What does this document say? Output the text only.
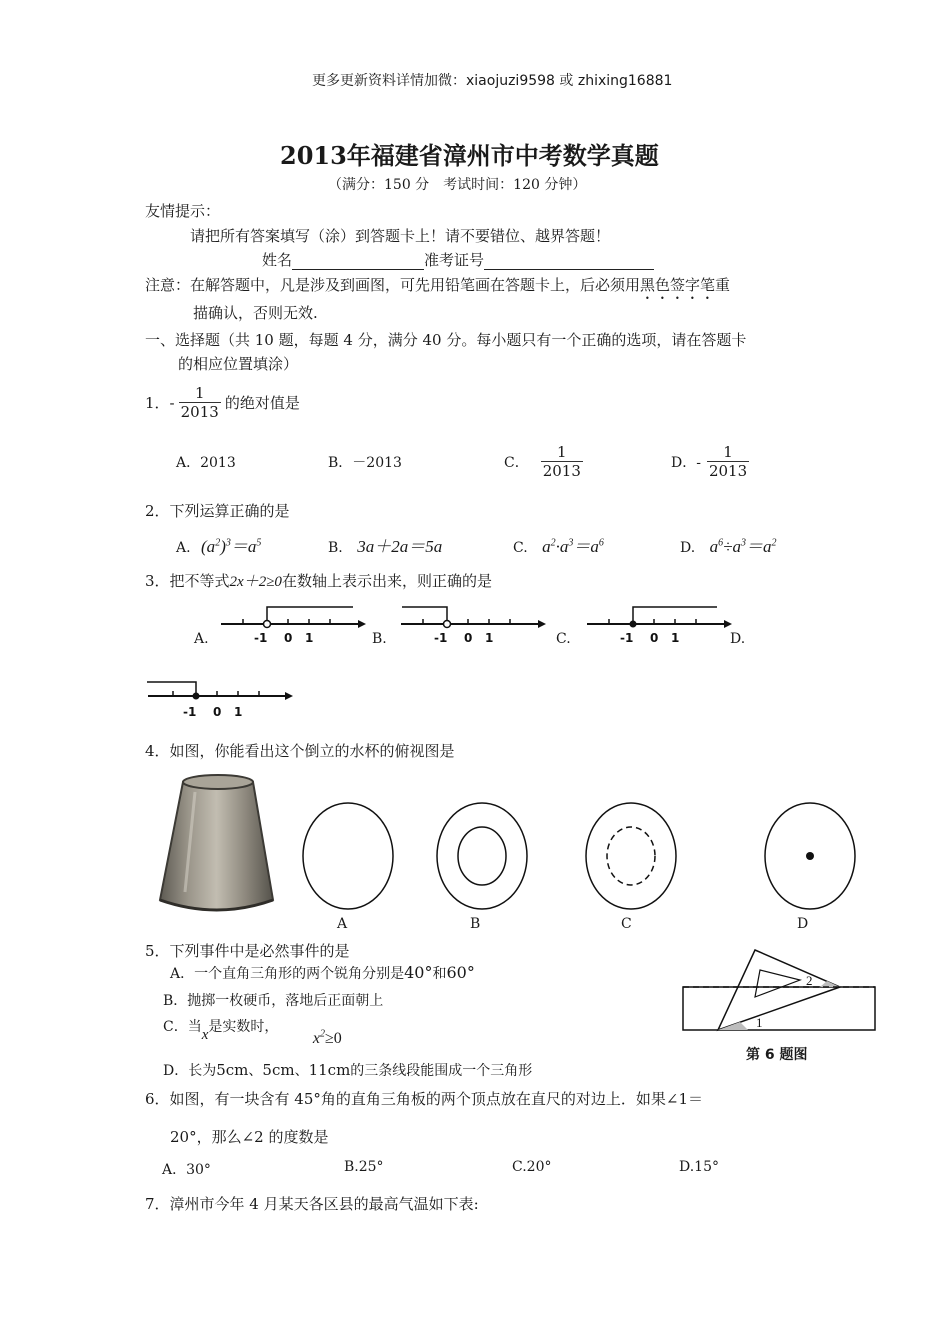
更多更新资料详情加微：xiaojuzi9598 或 zhixing16881
2013年福建省漳州市中考数学真题
（满分：150 分　考试时间：120 分钟）
友情提示：
请把所有答案填写（涂）到答题卡上！请不要错位、越界答题！
姓名	准考证号
注意：在解答题中，凡是涉及到画图，可先用铅笔画在答题卡上，后必须用黑色签字笔重
描确认，否则无效.
一、选择题（共 10 题，每题 4 分，满分 40 分。每小题只有一个正确的选项，请在答题卡
的相应位置填涂）
1．- $\frac{1}{2013}$ 的绝对值是
A．2013	B．－2013	C． $\frac{1}{2013}$	D．- $\frac{1}{2013}$
2．下列运算正确的是
A. $(a^2)^3=a^5$	B. 3a＋2a＝5a	C. $a^2\cdot a^3=a^6$	D. $a^6\div a^3=a^2$
3．把不等式2x＋2≥0在数轴上表示出来，则正确的是
A.	B.	C.	D.
-1 0 1	-1 0 1	-1 0 1
-1 0 1
4．如图，你能看出这个倒立的水杯的俯视图是
A	B	C	D
5．下列事件中是必然事件的是
A．一个直角三角形的两个锐角分别是40°和60°
B．抛掷一枚硬币，落地后正面朝上
C．当x是实数时， $x^2\ge 0$
D．长为5cm、5cm、11cm的三条线段能围成一个三角形
1
2
第 6 题图
6．如图，有一块含有 45°角的直角三角板的两个顶点放在直尺的对边上．如果∠1＝
20°，那么∠2 的度数是
A．30°	B.25°	C.20°	D.15°
7．漳州市今年 4 月某天各区县的最高气温如下表:
